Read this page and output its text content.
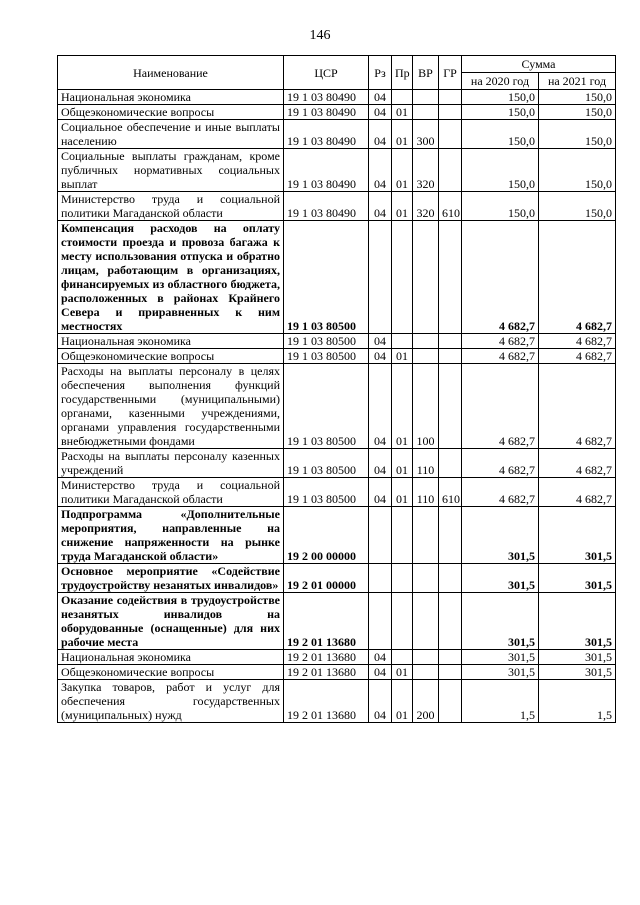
146
Наименование	ЦСР	Рз	Пр	ВР	ГР	Сумма	
						на 2020 год	на 2021 год
Национальная экономика	19 1 03 80490	04				150,0	150,0
Общеэкономические вопросы	19 1 03 80490	04	01			150,0	150,0
Социальное обеспечение и иные выплаты населению	19 1 03 80490	04	01	300		150,0	150,0
Социальные выплаты гражданам, кроме публичных нормативных социальных выплат	19 1 03 80490	04	01	320		150,0	150,0
Министерство труда и социальной политики Магаданской области	19 1 03 80490	04	01	320	610	150,0	150,0
Компенсация расходов на оплату стоимости проезда и провоза багажа к месту использования отпуска и обратно лицам, работающим в организациях, финансируемых из областного бюджета, расположенных в районах Крайнего Севера и приравненных к ним местностях	19 1 03 80500					4 682,7	4 682,7
Национальная экономика	19 1 03 80500	04				4 682,7	4 682,7
Общеэкономические вопросы	19 1 03 80500	04	01			4 682,7	4 682,7
Расходы на выплаты персоналу в целях обеспечения выполнения функций государственными (муниципальными) органами, казенными учреждениями, органами управления государственными внебюджетными фондами	19 1 03 80500	04	01	100		4 682,7	4 682,7
Расходы на выплаты персоналу казенных учреждений	19 1 03 80500	04	01	110		4 682,7	4 682,7
Министерство труда и социальной политики Магаданской области	19 1 03 80500	04	01	110	610	4 682,7	4 682,7
Подпрограмма «Дополнительные мероприятия, направленные на снижение напряженности на рынке труда Магаданской области»	19 2 00 00000					301,5	301,5
Основное мероприятие «Содействие трудоустройству незанятых инвалидов»	19 2 01 00000					301,5	301,5
Оказание содействия в трудоустройстве незанятых инвалидов на оборудованные (оснащенные) для них рабочие места	19 2 01 13680					301,5	301,5
Национальная экономика	19 2 01 13680	04				301,5	301,5
Общеэкономические вопросы	19 2 01 13680	04	01			301,5	301,5
Закупка товаров, работ и услуг для обеспечения государственных (муниципальных) нужд	19 2 01 13680	04	01	200		1,5	1,5
